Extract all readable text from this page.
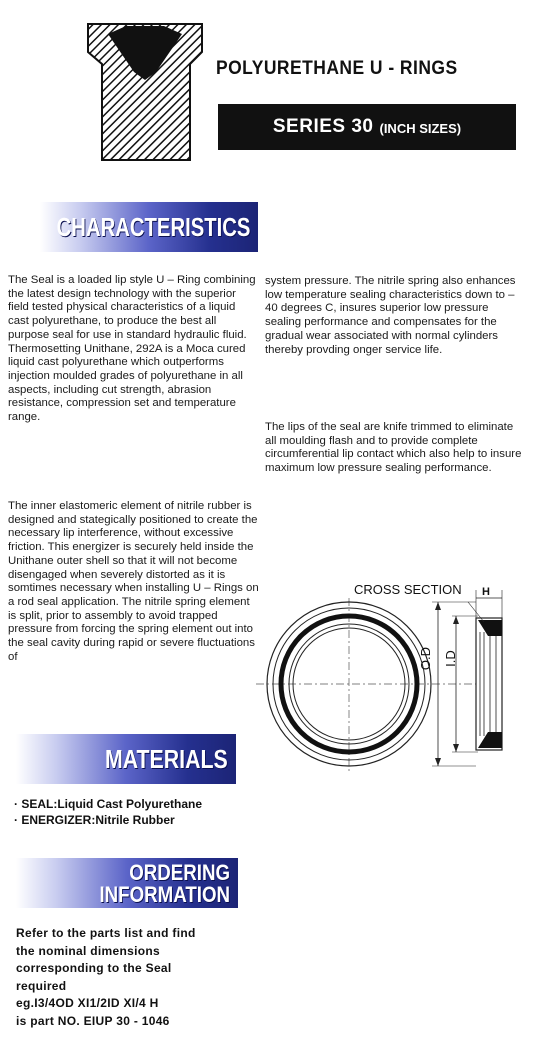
POLYURETHANE U - RINGS
SERIES 30 (INCH SIZES)
CHARACTERISTICS

The Seal is a loaded lip style U – Ring combining the latest design technology with the superior field tested physical characteristics of a liquid cast polyurethane, to produce the best all purpose seal for use in standard hydraulic fluid. Thermosetting Unithane, 292A is a Moca cured liquid cast polyurethane which outperforms injection moulded grades of polyurethane in all aspects, including cut strength, abrasion resistance, compression set and temperature range.

The inner elastomeric element of nitrile rubber is designed and stategically positioned to create the necessary lip interference, without excessive friction. This energizer is securely held inside the Unithane outer shell so that it will not become disengaged when severely distorted as it is somtimes necessary when installing U – Rings on a rod seal application. The nitrile spring element is split, prior to assembly to avoid trapped pressure from forcing the spring element out into the seal cavity during rapid or severe fluctuations of

system pressure. The nitrile spring also enhances low temperature sealing characteristics down to –40 degrees C, insures superior low pressure sealing performance and compensates for the gradual wear associated with normal cylinders thereby provding onger service life.

The lips of the seal are knife trimmed to eliminate all moulding flash and to provide complete circumferential lip contact which also help to insure maximum low pressure sealing performance.

CROSS SECTION H
O.D I.D
MATERIALS
· SEAL:Liquid Cast Polyurethane
· ENERGIZER:Nitrile Rubber
ORDERING
INFORMATION
Refer to the parts list and find
the nominal dimensions
corresponding to the Seal
required
eg.I3/4OD XI1/2ID XI/4 H
is part NO. EIUP 30 - 1046
